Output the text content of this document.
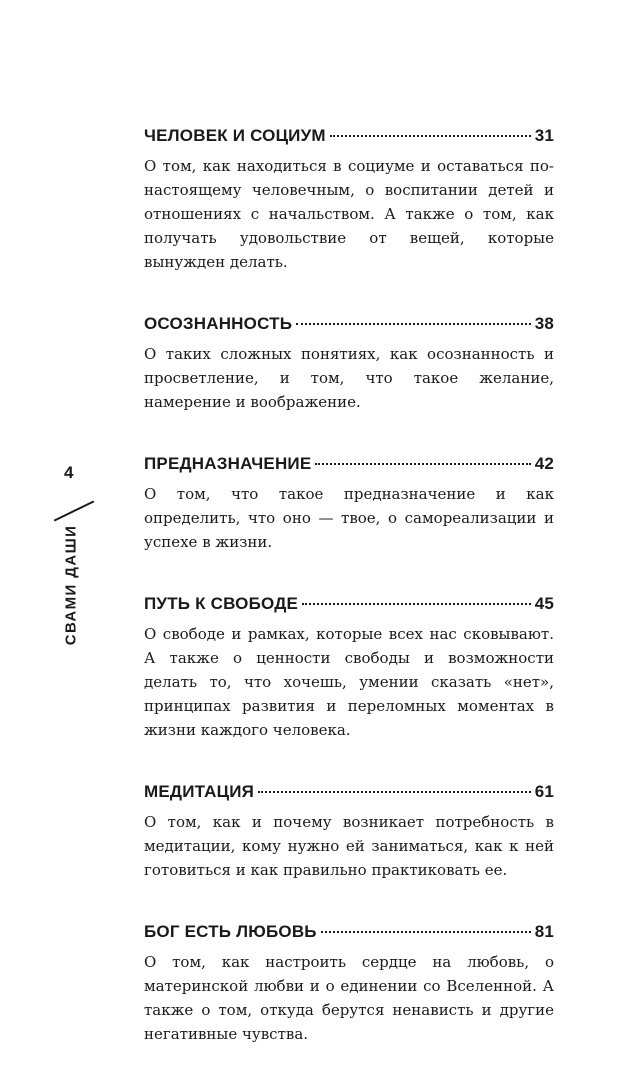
4
СВАМИ ДАШИ
ЧЕЛОВЕК И СОЦИУМ	31

О том, как находиться в социуме и оставаться по-настоящему человечным, о воспитании детей и отношениях с начальством. А также о том, как получать удовольствие от вещей, которые вынужден делать.

ОСОЗНАННОСТЬ	38

О таких сложных понятиях, как осознанность и просветление, и том, что такое желание, намерение и воображение.

ПРЕДНАЗНАЧЕНИЕ	42

О том, что такое предназначение и как определить, что оно — твое, о самореализации и успехе в жизни.

ПУТЬ К СВОБОДЕ	45

О свободе и рамках, которые всех нас сковывают. А также о ценности свободы и возможности делать то, что хочешь, умении сказать «нет», принципах развития и переломных моментах в жизни каждого человека.

МЕДИТАЦИЯ	61

О том, как и почему возникает потребность в медитации, кому нужно ей заниматься, как к ней готовиться и как правильно практиковать ее.

БОГ ЕСТЬ ЛЮБОВЬ	81

О том, как настроить сердце на любовь, о материнской любви и о единении со Вселенной. А также о том, откуда берутся ненависть и другие негативные чувства.
